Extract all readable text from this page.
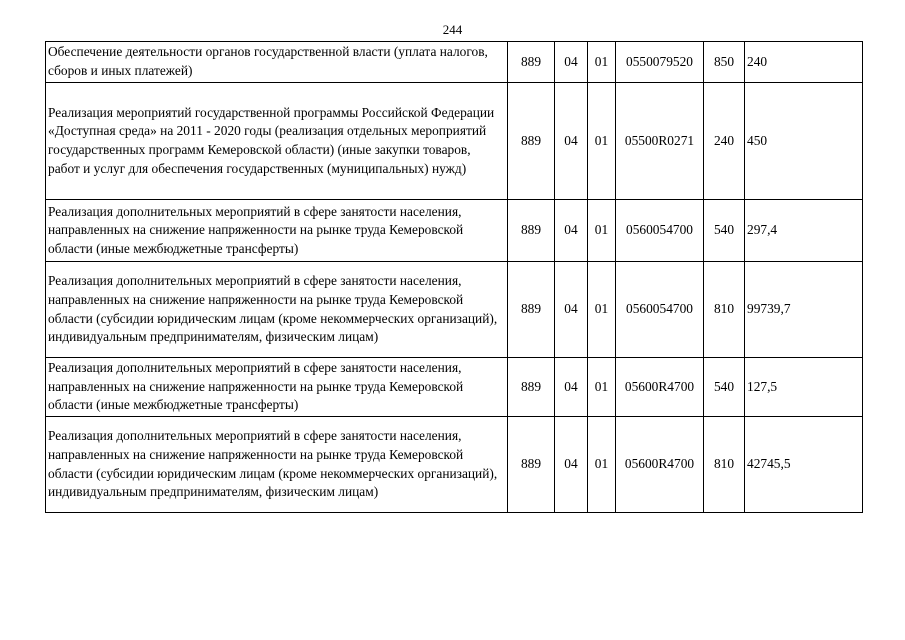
244
Обеспечение деятельности органов государственной власти (уплата налогов, сборов и иных платежей)	889	04	01	0550079520	850	240
Реализация мероприятий государственной программы Российской Федерации «Доступная среда» на 2011 - 2020 годы (реализация отдельных мероприятий государственных программ Кемеровской области) (иные закупки товаров, работ и услуг для обеспечения государственных (муниципальных) нужд)	889	04	01	05500R0271	240	450
Реализация дополнительных мероприятий в сфере занятости населения, направленных на снижение напряженности на рынке труда Кемеровской области (иные межбюджетные трансферты)	889	04	01	0560054700	540	297,4
Реализация дополнительных мероприятий в сфере занятости населения, направленных на снижение напряженности на рынке труда Кемеровской области (субсидии юридическим лицам (кроме некоммерческих организаций), индивидуальным предпринимателям, физическим лицам)	889	04	01	0560054700	810	99739,7
Реализация дополнительных мероприятий в сфере занятости населения, направленных на снижение напряженности на рынке труда Кемеровской области (иные межбюджетные трансферты)	889	04	01	05600R4700	540	127,5
Реализация дополнительных мероприятий в сфере занятости населения, направленных на снижение напряженности на рынке труда Кемеровской области (субсидии юридическим лицам (кроме некоммерческих организаций), индивидуальным предпринимателям, физическим лицам)	889	04	01	05600R4700	810	42745,5
